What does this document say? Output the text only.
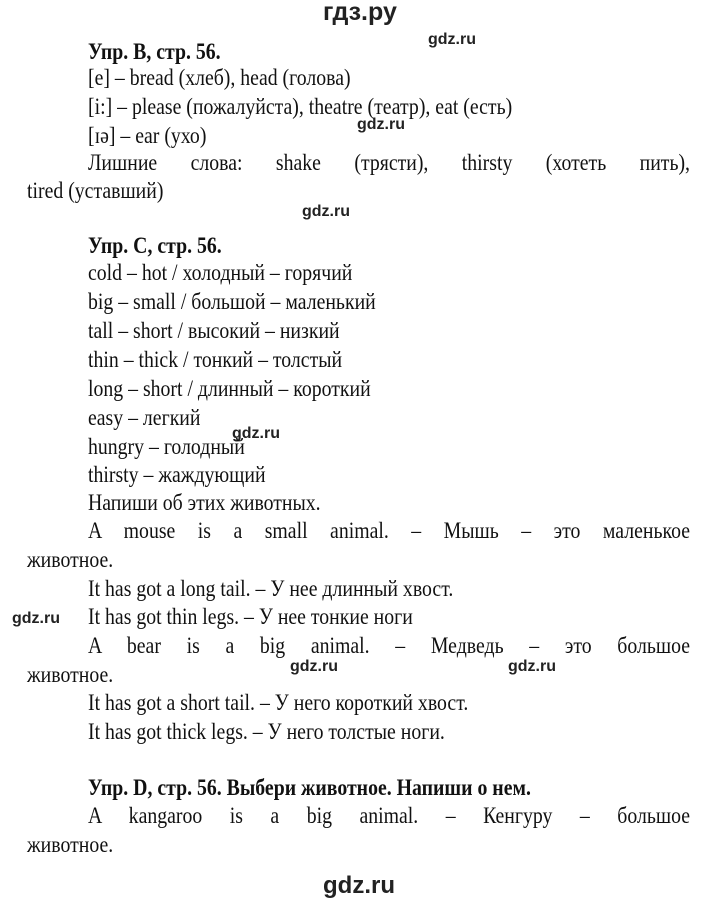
гдз.ру
gdz.ru
gdz.ru
gdz.ru
gdz.ru
gdz.ru
gdz.ru	gdz.ru
gdz.ru
Упр. B, стр. 56.
[e] – bread (хлеб), head (голова)
[i:] – please (пожалуйста), theatre (театр), eat (есть)
[ɪə] – ear (ухо)
Лишние слова: shake (трясти), thirsty (хотеть пить),
tired (уставший)
Упр. C, стр. 56.
cold – hot / холодный – горячий
big – small / большой – маленький
tall – short / высокий – низкий
thin – thick / тонкий – толстый
long – short / длинный – короткий
easy – легкий
hungry – голодный
thirsty – жаждующий
Напиши об этих животных.
A mouse is a small animal. – Мышь – это маленькое
животное.
It has got a long tail. – У нее длинный хвост.
It has got thin legs. – У нее тонкие ноги
A bear is a big animal. – Медведь – это большое
животное.
It has got a short tail. – У него короткий хвост.
It has got thick legs. – У него толстые ноги.
Упр. D, стр. 56. Выбери животное. Напиши о нем.
A kangaroo is a big animal. – Кенгуру – большое
животное.
